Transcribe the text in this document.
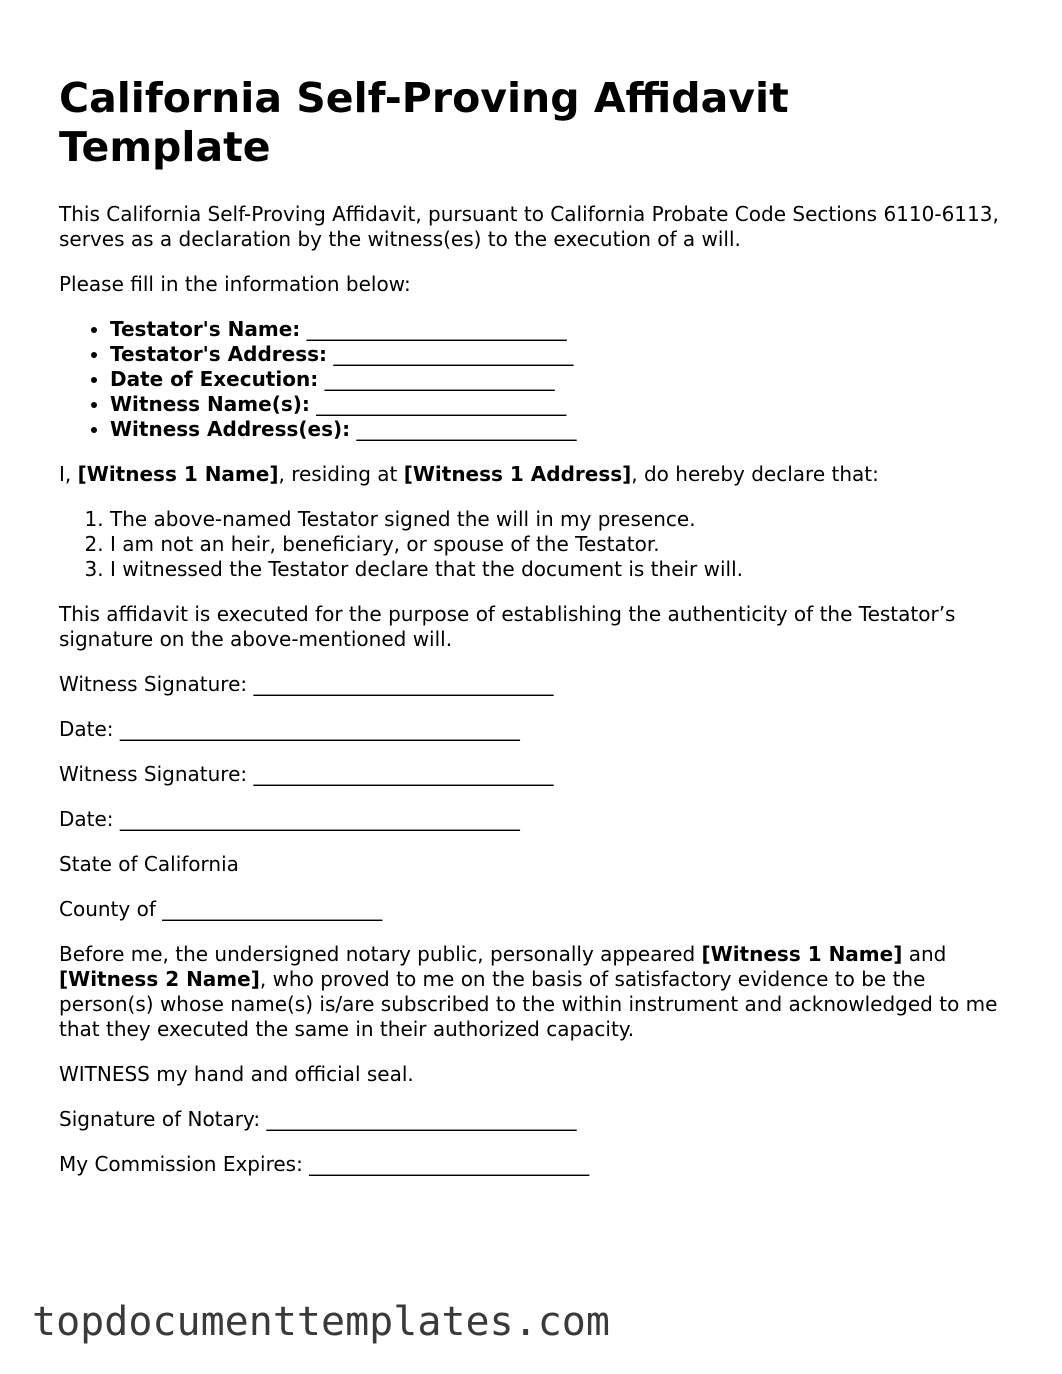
California Self-Proving Affidavit Template

This California Self-Proving Affidavit, pursuant to California Probate Code Sections 6110-6113, serves as a declaration by the witness(es) to the execution of a will.

Please fill in the information below:

• Testator's Name: __________________________
• Testator's Address: ________________________
• Date of Execution: _______________________
• Witness Name(s): _________________________
• Witness Address(es): ______________________

I, [Witness 1 Name], residing at [Witness 1 Address], do hereby declare that:

1. The above-named Testator signed the will in my presence.
2. I am not an heir, beneficiary, or spouse of the Testator.
3. I witnessed the Testator declare that the document is their will.

This affidavit is executed for the purpose of establishing the authenticity of the Testator’s signature on the above-mentioned will.

Witness Signature: ______________________________

Date: ________________________________________

Witness Signature: ______________________________

Date: ________________________________________

State of California

County of ______________________

Before me, the undersigned notary public, personally appeared [Witness 1 Name] and [Witness 2 Name], who proved to me on the basis of satisfactory evidence to be the person(s) whose name(s) is/are subscribed to the within instrument and acknowledged to me that they executed the same in their authorized capacity.

WITNESS my hand and official seal.

Signature of Notary: _______________________________

My Commission Expires: ____________________________

topdocumenttemplates.com
